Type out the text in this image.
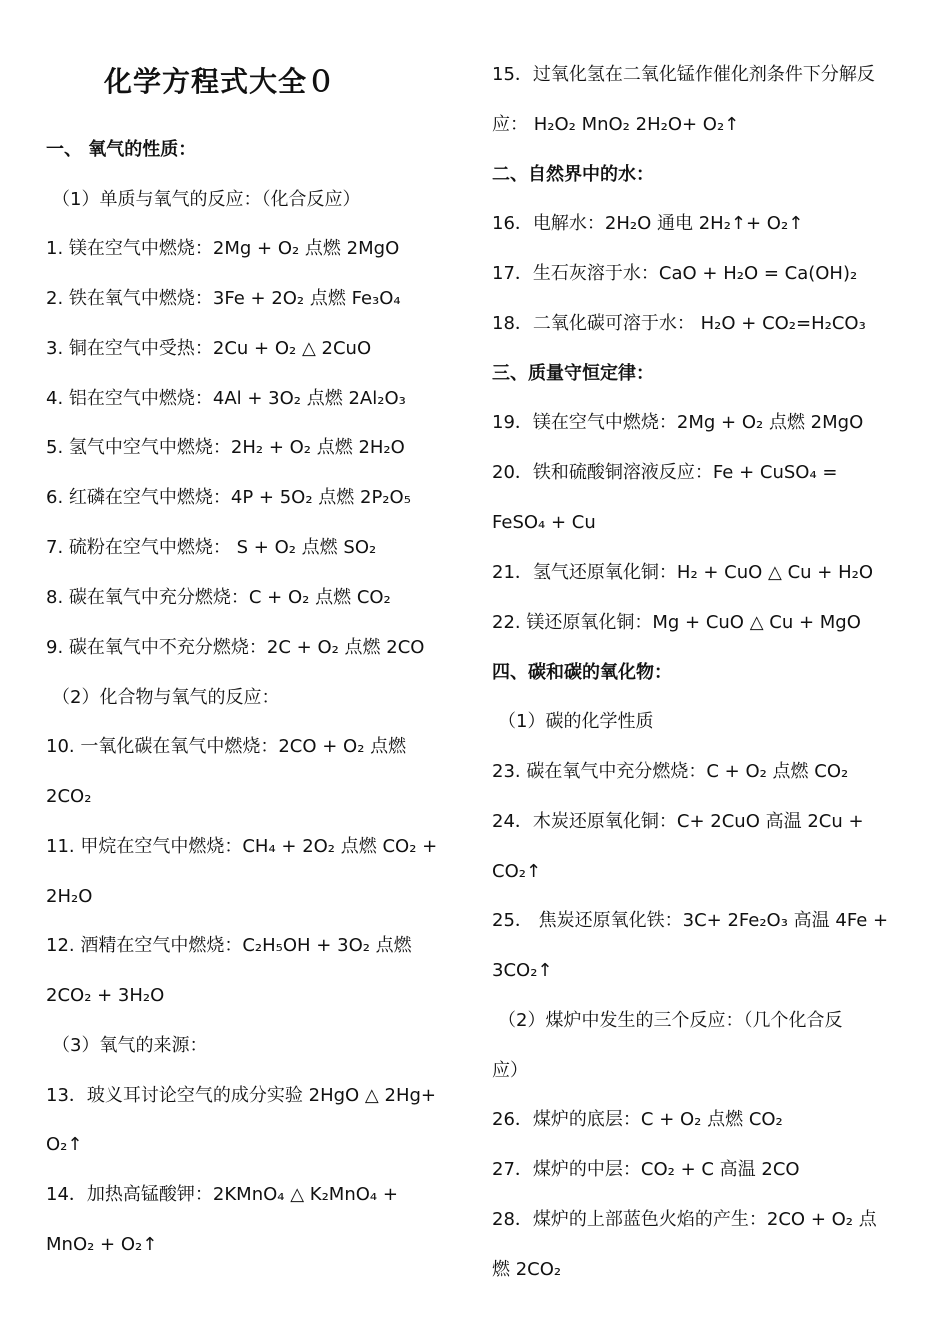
化学方程式大全０
一、 氧气的性质：
（1）单质与氧气的反应：（化合反应）
1. 镁在空气中燃烧：2Mg + O₂ 点燃 2MgO
2. 铁在氧气中燃烧：3Fe + 2O₂ 点燃 Fe₃O₄
3. 铜在空气中受热：2Cu + O₂ △ 2CuO
4. 铝在空气中燃烧：4Al + 3O₂ 点燃 2Al₂O₃
5. 氢气中空气中燃烧：2H₂ + O₂ 点燃 2H₂O
6. 红磷在空气中燃烧：4P + 5O₂ 点燃 2P₂O₅
7. 硫粉在空气中燃烧： S + O₂ 点燃 SO₂
8. 碳在氧气中充分燃烧：C + O₂ 点燃 CO₂
9. 碳在氧气中不充分燃烧：2C + O₂ 点燃 2CO
（2）化合物与氧气的反应：
10. 一氧化碳在氧气中燃烧：2CO + O₂ 点燃
2CO₂
11. 甲烷在空气中燃烧：CH₄ + 2O₂ 点燃 CO₂ +
2H₂O
12. 酒精在空气中燃烧：C₂H₅OH + 3O₂ 点燃
2CO₂ + 3H₂O
（3）氧气的来源：
13．玻义耳讨论空气的成分实验 2HgO △ 2Hg+
O₂↑
14．加热高锰酸钾：2KMnO₄ △ K₂MnO₄ +
MnO₂ + O₂↑
15．过氧化氢在二氧化锰作催化剂条件下分解反
应： H₂O₂ MnO₂ 2H₂O+ O₂↑
二、自然界中的水：
16．电解水：2H₂O 通电 2H₂↑+ O₂↑
17．生石灰溶于水：CaO + H₂O = Ca(OH)₂
18．二氧化碳可溶于水： H₂O + CO₂=H₂CO₃
三、质量守恒定律：
19．镁在空气中燃烧：2Mg + O₂ 点燃 2MgO
20．铁和硫酸铜溶液反应：Fe + CuSO₄ =
FeSO₄ + Cu
21．氢气还原氧化铜：H₂ + CuO △ Cu + H₂O
22. 镁还原氧化铜：Mg + CuO △ Cu + MgO
四、碳和碳的氧化物：
（1）碳的化学性质
23. 碳在氧气中充分燃烧：C + O₂ 点燃 CO₂
24．木炭还原氧化铜：C+ 2CuO 高温 2Cu +
CO₂↑
25． 焦炭还原氧化铁：3C+ 2Fe₂O₃ 高温 4Fe +
3CO₂↑
（2）煤炉中发生的三个反应：（几个化合反
应）
26．煤炉的底层：C + O₂ 点燃 CO₂
27．煤炉的中层：CO₂ + C 高温 2CO
28．煤炉的上部蓝色火焰的产生：2CO + O₂ 点
燃 2CO₂
